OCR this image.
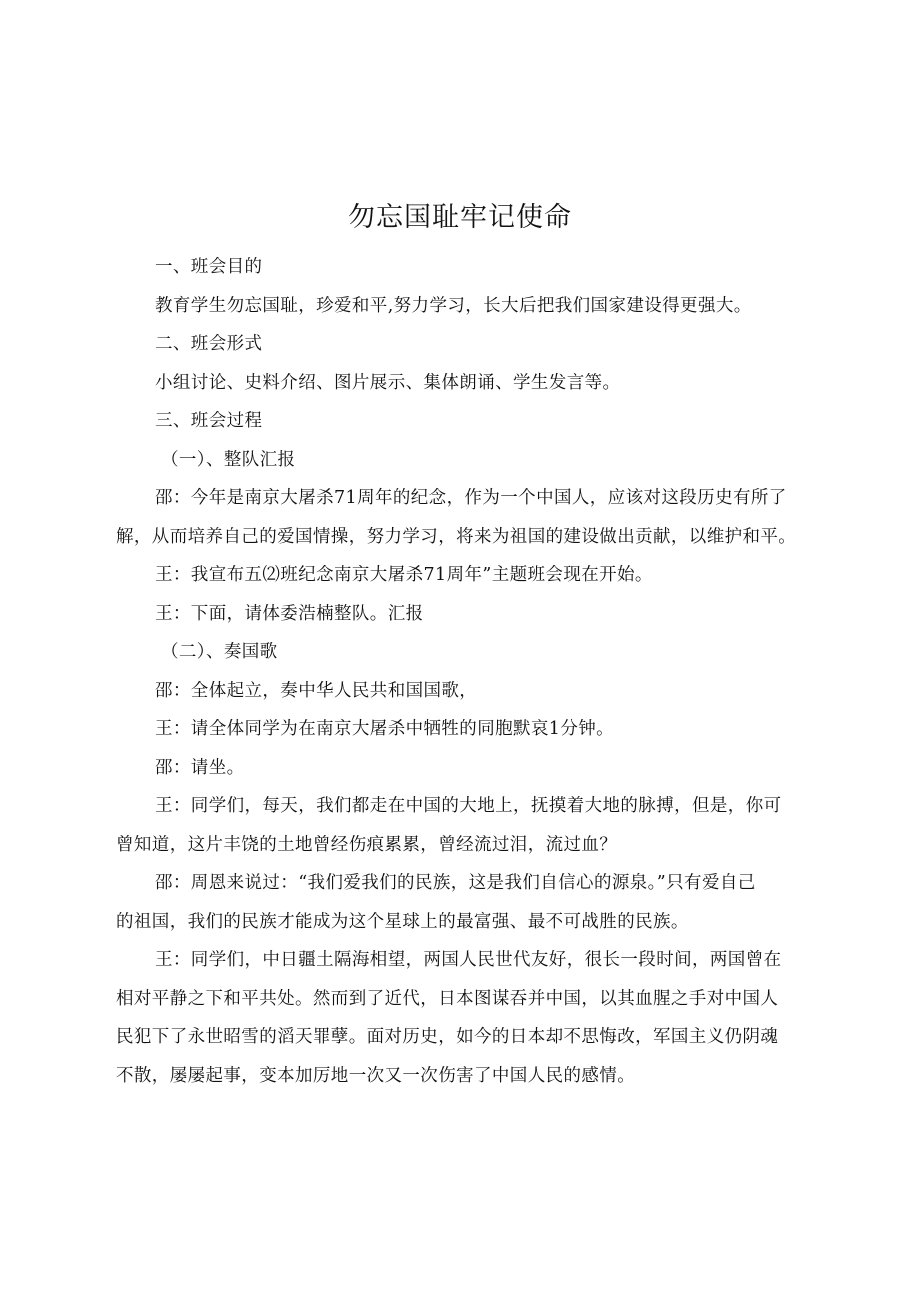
勿忘国耻牢记使命
一、班会目的
教育学生勿忘国耻，珍爱和平,努力学习，长大后把我们国家建设得更强大。
二、班会形式
小组讨论、史料介绍、图片展示、集体朗诵、学生发言等。
三、班会过程
（一）、整队汇报
邵：今年是南京大屠杀71周年的纪念，作为一个中国人，应该对这段历史有所了
解，从而培养自己的爱国情操，努力学习，将来为祖国的建设做出贡献，以维护和平。
王：我宣布五⑵班纪念南京大屠杀71周年”主题班会现在开始。
王：下面，请体委浩楠整队。汇报
（二）、奏国歌
邵：全体起立，奏中华人民共和国国歌，
王：请全体同学为在南京大屠杀中牺牲的同胞默哀1分钟。
邵：请坐。
王：同学们，每天，我们都走在中国的大地上，抚摸着大地的脉搏，但是，你可
曾知道，这片丰饶的土地曾经伤痕累累，曾经流过泪，流过血？
邵：周恩来说过：“我们爱我们的民族，这是我们自信心的源泉。”只有爱自己
的祖国，我们的民族才能成为这个星球上的最富强、最不可战胜的民族。
王：同学们，中日疆土隔海相望，两国人民世代友好，很长一段时间，两国曾在
相对平静之下和平共处。然而到了近代，日本图谋吞并中国，以其血腥之手对中国人
民犯下了永世昭雪的滔天罪孽。面对历史，如今的日本却不思悔改，军国主义仍阴魂
不散，屡屡起事，变本加厉地一次又一次伤害了中国人民的感情。
